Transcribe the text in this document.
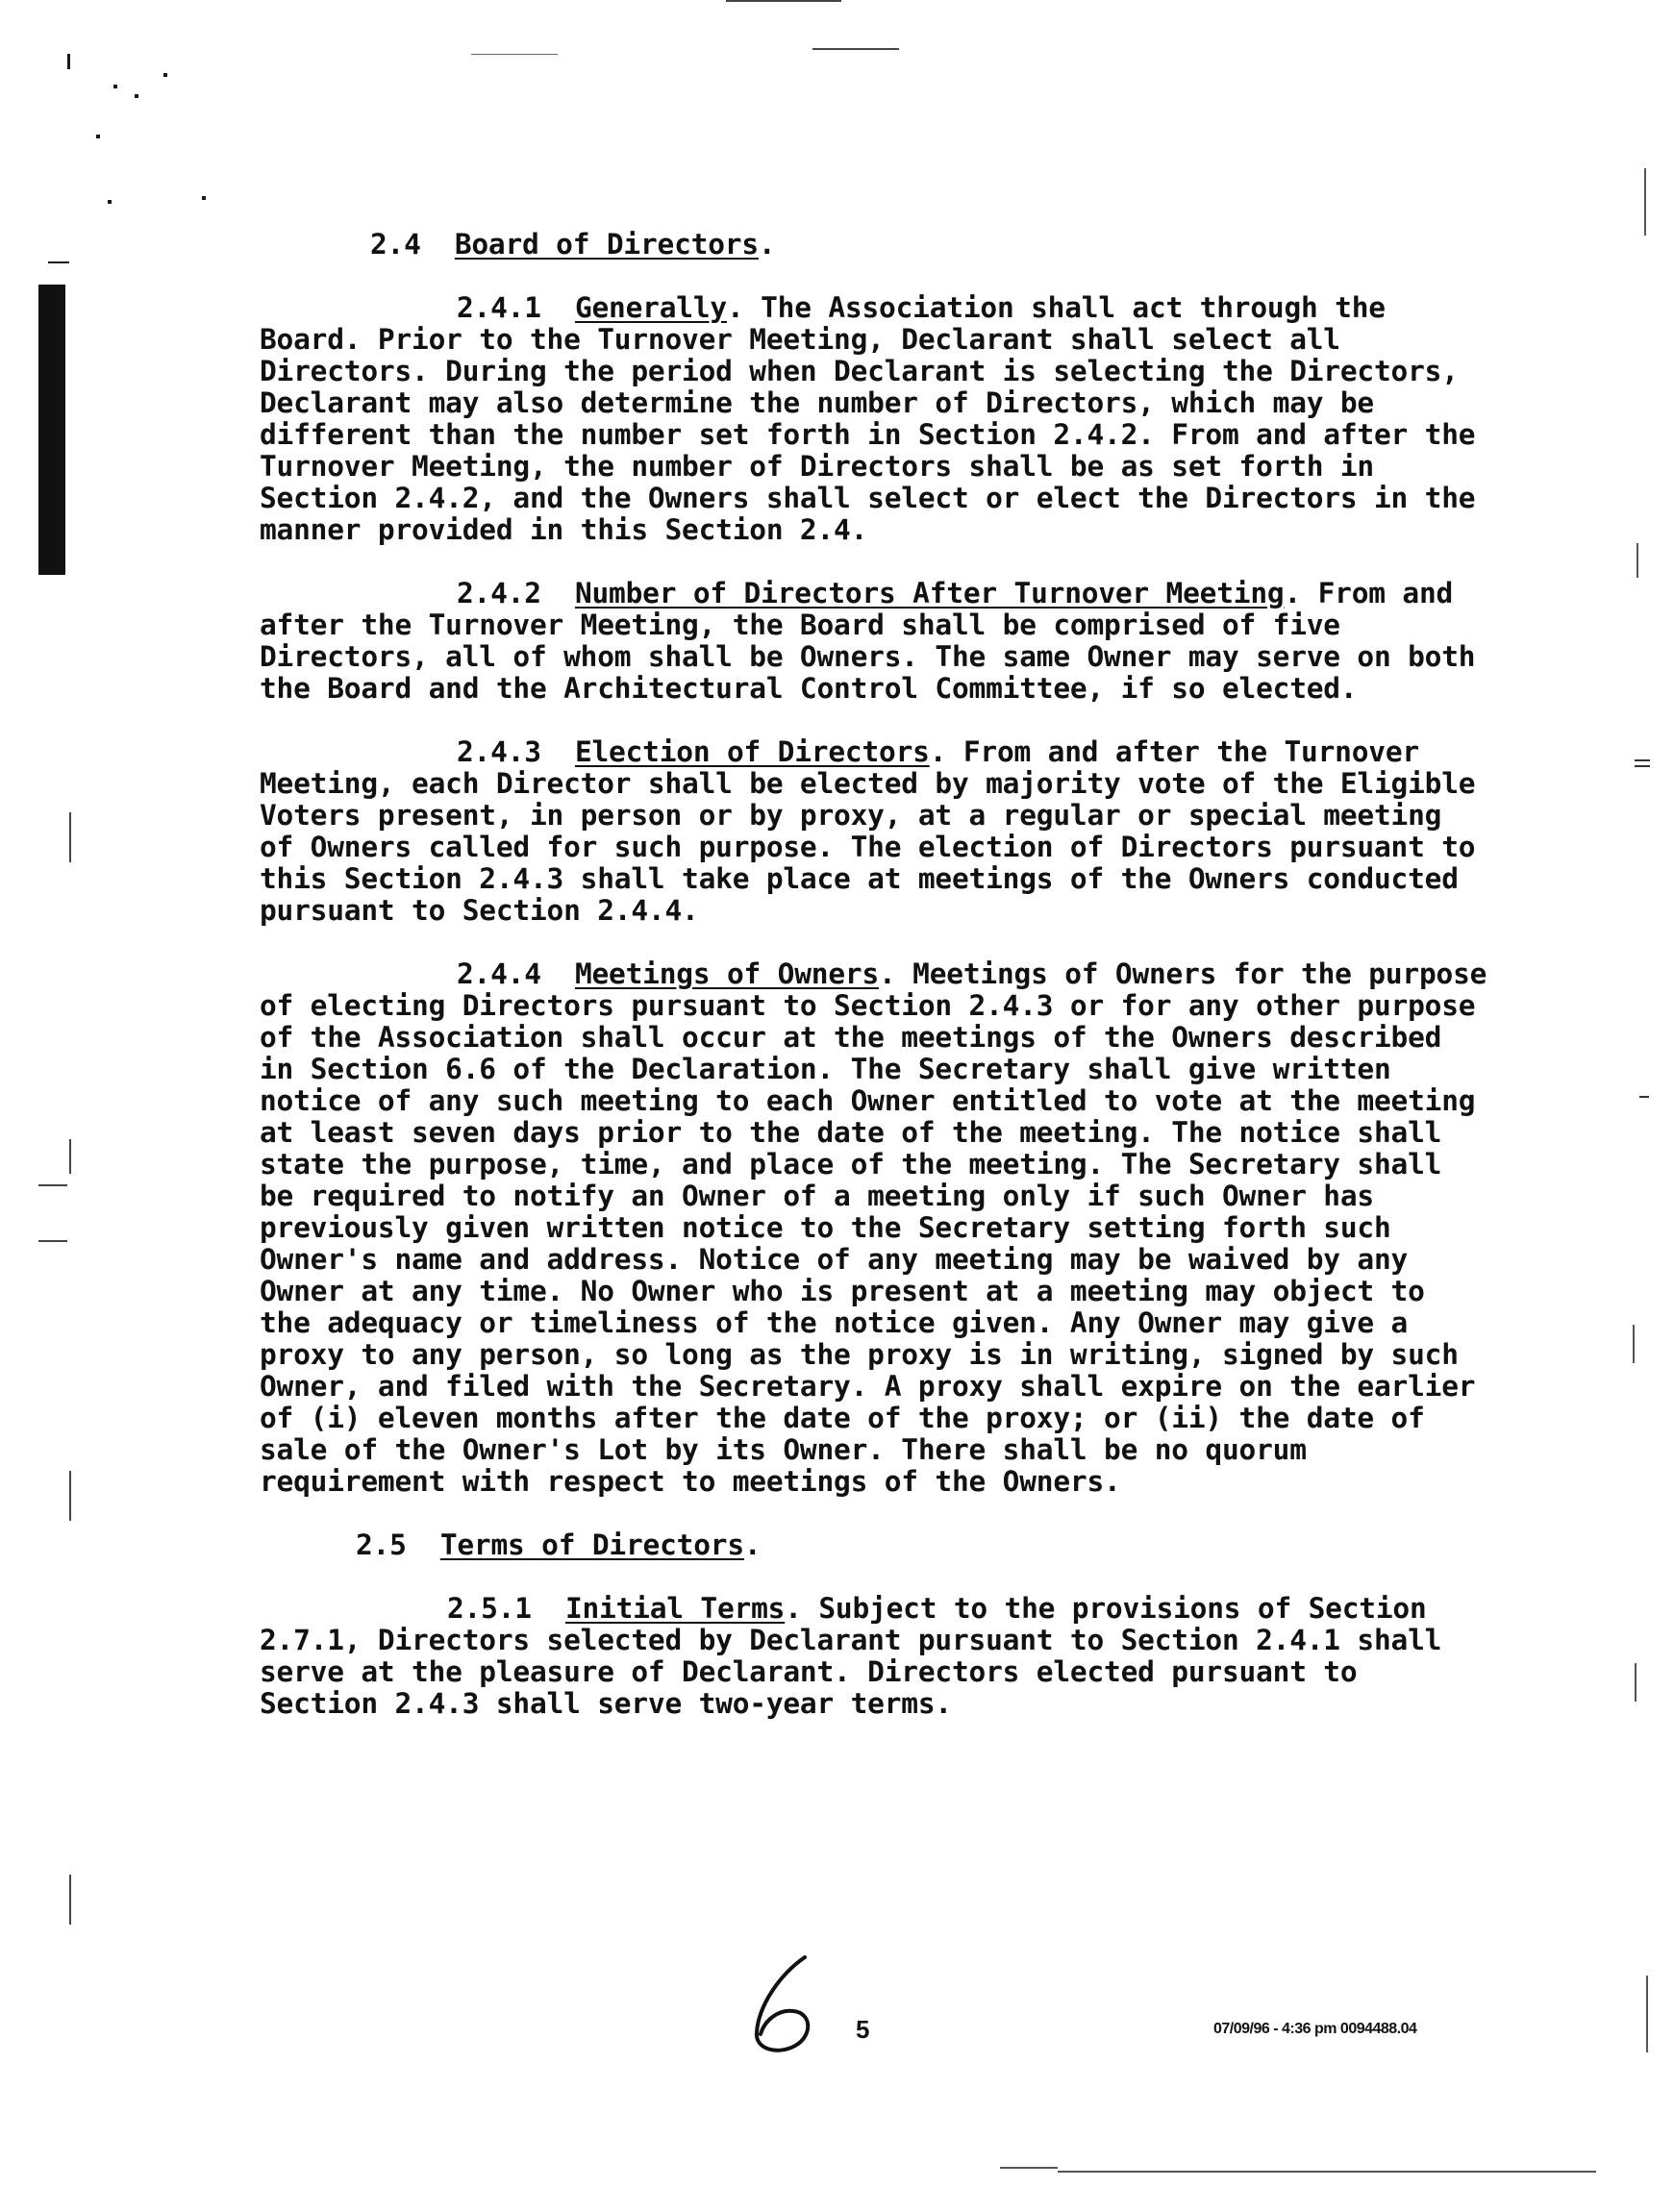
2.4 Board of Directors.

2.4.1 Generally. The Association shall act through the Board. Prior to the Turnover Meeting, Declarant shall select all Directors. During the period when Declarant is selecting the Directors, Declarant may also determine the number of Directors, which may be different than the number set forth in Section 2.4.2. From and after the Turnover Meeting, the number of Directors shall be as set forth in Section 2.4.2, and the Owners shall select or elect the Directors in the manner provided in this Section 2.4.

2.4.2 Number of Directors After Turnover Meeting. From and after the Turnover Meeting, the Board shall be comprised of five Directors, all of whom shall be Owners. The same Owner may serve on both the Board and the Architectural Control Committee, if so elected.

2.4.3 Election of Directors. From and after the Turnover Meeting, each Director shall be elected by majority vote of the Eligible Voters present, in person or by proxy, at a regular or special meeting of Owners called for such purpose. The election of Directors pursuant to this Section 2.4.3 shall take place at meetings of the Owners conducted pursuant to Section 2.4.4.

2.4.4 Meetings of Owners. Meetings of Owners for the purpose of electing Directors pursuant to Section 2.4.3 or for any other purpose of the Association shall occur at the meetings of the Owners described in Section 6.6 of the Declaration. The Secretary shall give written notice of any such meeting to each Owner entitled to vote at the meeting at least seven days prior to the date of the meeting. The notice shall state the purpose, time, and place of the meeting. The Secretary shall be required to notify an Owner of a meeting only if such Owner has previously given written notice to the Secretary setting forth such Owner's name and address. Notice of any meeting may be waived by any Owner at any time. No Owner who is present at a meeting may object to the adequacy or timeliness of the notice given. Any Owner may give a proxy to any person, so long as the proxy is in writing, signed by such Owner, and filed with the Secretary. A proxy shall expire on the earlier of (i) eleven months after the date of the proxy; or (ii) the date of sale of the Owner's Lot by its Owner. There shall be no quorum requirement with respect to meetings of the Owners.

2.5 Terms of Directors.

2.5.1 Initial Terms. Subject to the provisions of Section 2.7.1, Directors selected by Declarant pursuant to Section 2.4.1 shall serve at the pleasure of Declarant. Directors elected pursuant to Section 2.4.3 shall serve two-year terms.

5	07/09/96 - 4:36 pm 0094488.04
